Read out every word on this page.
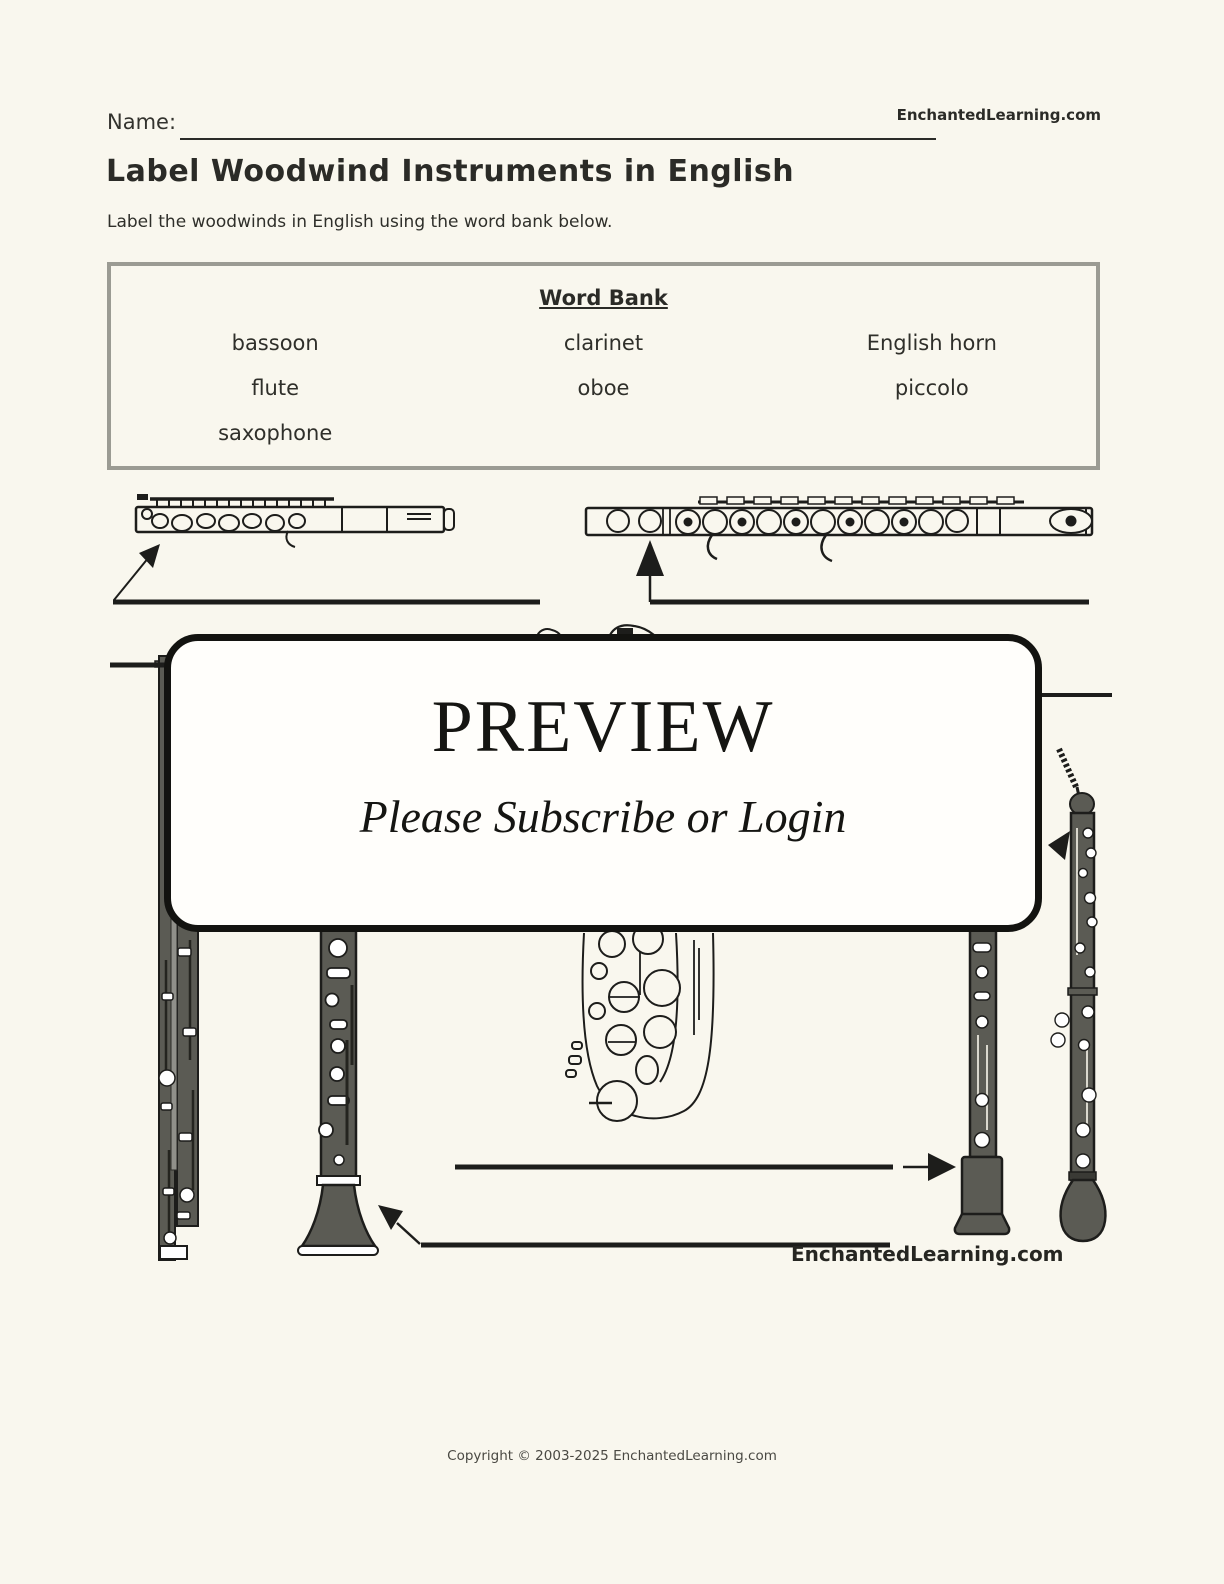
Name:	EnchantedLearning.com
Label Woodwind Instruments in English
Label the woodwinds in English using the word bank below.
Word Bank
bassoon	clarinet	English horn
flute	oboe	piccolo
saxophone
PREVIEW
Please Subscribe or Login
EnchantedLearning.com
Copyright © 2003-2025 EnchantedLearning.com
